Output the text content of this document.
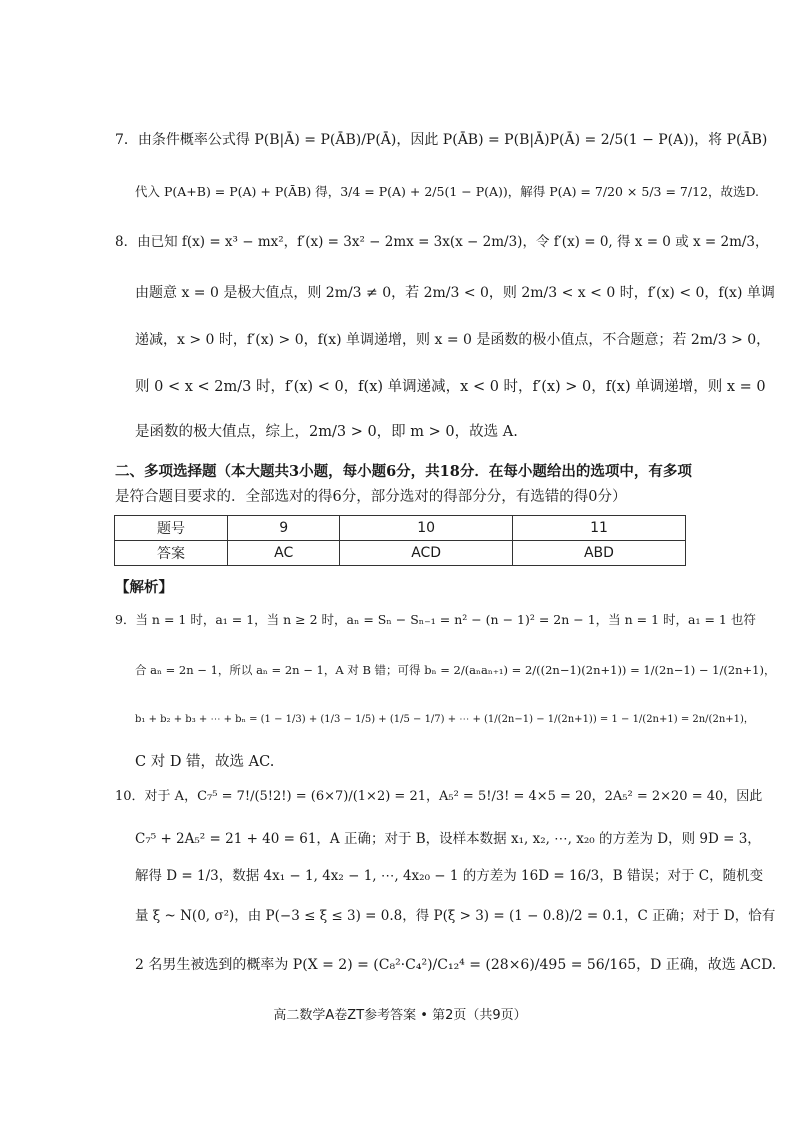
7．由条件概率公式得 P(B|Ā) = P(ĀB)/P(Ā)，因此 P(ĀB) = P(B|Ā)P(Ā) = 2/5(1 − P(A))，将 P(ĀB)
代入 P(A+B) = P(A) + P(ĀB) 得，3/4 = P(A) + 2/5(1 − P(A))，解得 P(A) = 7/20 × 5/3 = 7/12，故选D.
8．由已知 f(x) = x³ − mx²，f′(x) = 3x² − 2mx = 3x(x − 2m/3)，令 f′(x) = 0, 得 x = 0 或 x = 2m/3，
由题意 x = 0 是极大值点，则 2m/3 ≠ 0，若 2m/3 < 0，则 2m/3 < x < 0 时，f′(x) < 0，f(x) 单调
递减，x > 0 时，f′(x) > 0，f(x) 单调递增，则 x = 0 是函数的极小值点，不合题意；若 2m/3 > 0，
则 0 < x < 2m/3 时，f′(x) < 0，f(x) 单调递减，x < 0 时，f′(x) > 0，f(x) 单调递增，则 x = 0
是函数的极大值点，综上，2m/3 > 0，即 m > 0，故选 A.
二、多项选择题（本大题共3小题，每小题6分，共18分．在每小题给出的选项中，有多项
是符合题目要求的．全部选对的得6分，部分选对的得部分分，有选错的得0分）
题号	9	10	11
答案	AC	ACD	ABD
【解析】
9．当 n = 1 时，a₁ = 1，当 n ≥ 2 时，aₙ = Sₙ − Sₙ₋₁ = n² − (n − 1)² = 2n − 1，当 n = 1 时，a₁ = 1 也符
合 aₙ = 2n − 1，所以 aₙ = 2n − 1，A 对 B 错；可得 bₙ = 2/(aₙaₙ₊₁) = 2/((2n−1)(2n+1)) = 1/(2n−1) − 1/(2n+1)，
b₁ + b₂ + b₃ + ⋯ + bₙ = (1 − 1/3) + (1/3 − 1/5) + (1/5 − 1/7) + ⋯ + (1/(2n−1) − 1/(2n+1)) = 1 − 1/(2n+1) = 2n/(2n+1)，
C 对 D 错，故选 AC.
10．对于 A，C₇⁵ = 7!/(5!2!) = (6×7)/(1×2) = 21，A₅² = 5!/3! = 4×5 = 20，2A₅² = 2×20 = 40，因此
C₇⁵ + 2A₅² = 21 + 40 = 61，A 正确；对于 B，设样本数据 x₁, x₂, ⋯, x₂₀ 的方差为 D，则 9D = 3，
解得 D = 1/3，数据 4x₁ − 1, 4x₂ − 1, ⋯, 4x₂₀ − 1 的方差为 16D = 16/3，B 错误；对于 C，随机变
量 ξ ~ N(0, σ²)，由 P(−3 ≤ ξ ≤ 3) = 0.8，得 P(ξ > 3) = (1 − 0.8)/2 = 0.1，C 正确；对于 D，恰有
2 名男生被选到的概率为 P(X = 2) = (C₈²·C₄²)/C₁₂⁴ = (28×6)/495 = 56/165，D 正确，故选 ACD.
高二数学A卷ZT参考答案 • 第2页（共9页）
